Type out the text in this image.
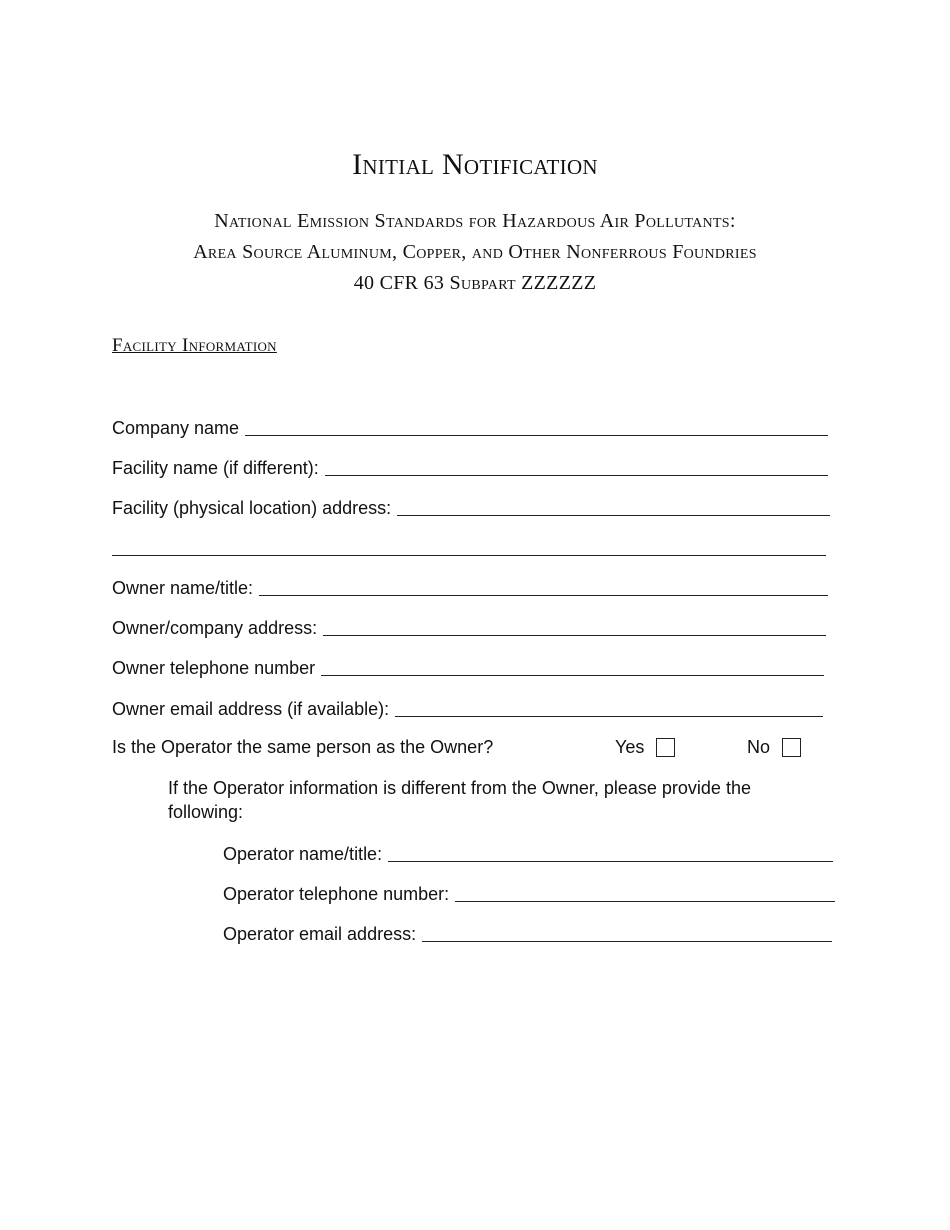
Initial Notification
National Emission Standards for Hazardous Air Pollutants:
Area Source Aluminum, Copper, and Other Nonferrous Foundries
40 CFR 63 Subpart ZZZZZZ
Facility Information
Company name
Facility name (if different):
Facility (physical location) address:
Owner name/title:
Owner/company address:
Owner telephone number
Owner email address (if available):
Is the Operator the same person as the Owner?	Yes	No
If the Operator information is different from the Owner, please provide the following:
Operator name/title:
Operator telephone number:
Operator email address:
